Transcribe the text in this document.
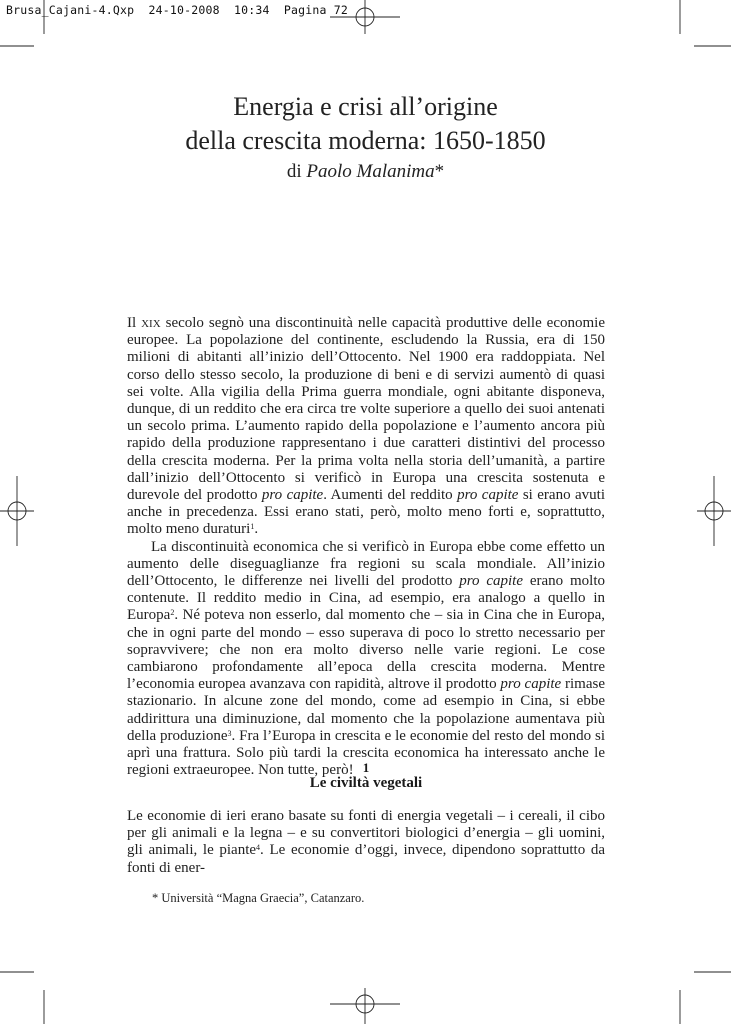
Brusa_Cajani-4.Qxp 24-10-2008 10:34 Pagina 72
Energia e crisi all’origine
della crescita moderna: 1650-1850
di Paolo Malanima*

Il xix secolo segnò una discontinuità nelle capacità produttive delle economie europee. La popolazione del continente, escludendo la Russia, era di 150 milioni di abitanti all’inizio dell’Ottocento. Nel 1900 era raddoppiata. Nel corso dello stesso secolo, la produzione di beni e di servizi aumentò di quasi sei volte. Alla vigilia della Prima guerra mondiale, ogni abitante disponeva, dunque, di un reddito che era circa tre volte superiore a quello dei suoi antenati un secolo prima. L’aumento rapido della popolazione e l’aumento ancora più rapido della produzione rappresentano i due caratteri distintivi del processo della crescita moderna. Per la prima volta nella storia dell’umanità, a partire dall’inizio dell’Ottocento si verificò in Europa una crescita sostenuta e durevole del prodotto pro capite. Aumenti del reddito pro capite si erano avuti anche in precedenza. Essi erano stati, però, molto meno forti e, soprattutto, molto meno duraturi$^1$.

La discontinuità economica che si verificò in Europa ebbe come effetto un aumento delle diseguaglianze fra regioni su scala mondiale. All’inizio dell’Ottocento, le differenze nei livelli del prodotto pro capite erano molto contenute. Il reddito medio in Cina, ad esempio, era analogo a quello in Europa$^2$. Né poteva non esserlo, dal momento che – sia in Cina che in Europa, che in ogni parte del mondo – esso superava di poco lo stretto necessario per sopravvivere; che non era molto diverso nelle varie regioni. Le cose cambiarono profondamente all’epoca della crescita moderna. Mentre l’economia europea avanzava con rapidità, altrove il prodotto pro capite rimase stazionario. In alcune zone del mondo, come ad esempio in Cina, si ebbe addirittura una diminuzione, dal momento che la popolazione aumentava più della produzione$^3$. Fra l’Europa in crescita e le economie del resto del mondo si aprì una frattura. Solo più tardi la crescita economica ha interessato anche le regioni extraeuropee. Non tutte, però! 1
Le civiltà vegetali

Le economie di ieri erano basate su fonti di energia vegetali – i cereali, il cibo per gli animali e la legna – e su convertitori biologici d’energia – gli uomini, gli animali, le piante$^4$. Le economie d’oggi, invece, dipendono soprattutto da fonti di ener-

* Università “Magna Graecia”, Catanzaro.
